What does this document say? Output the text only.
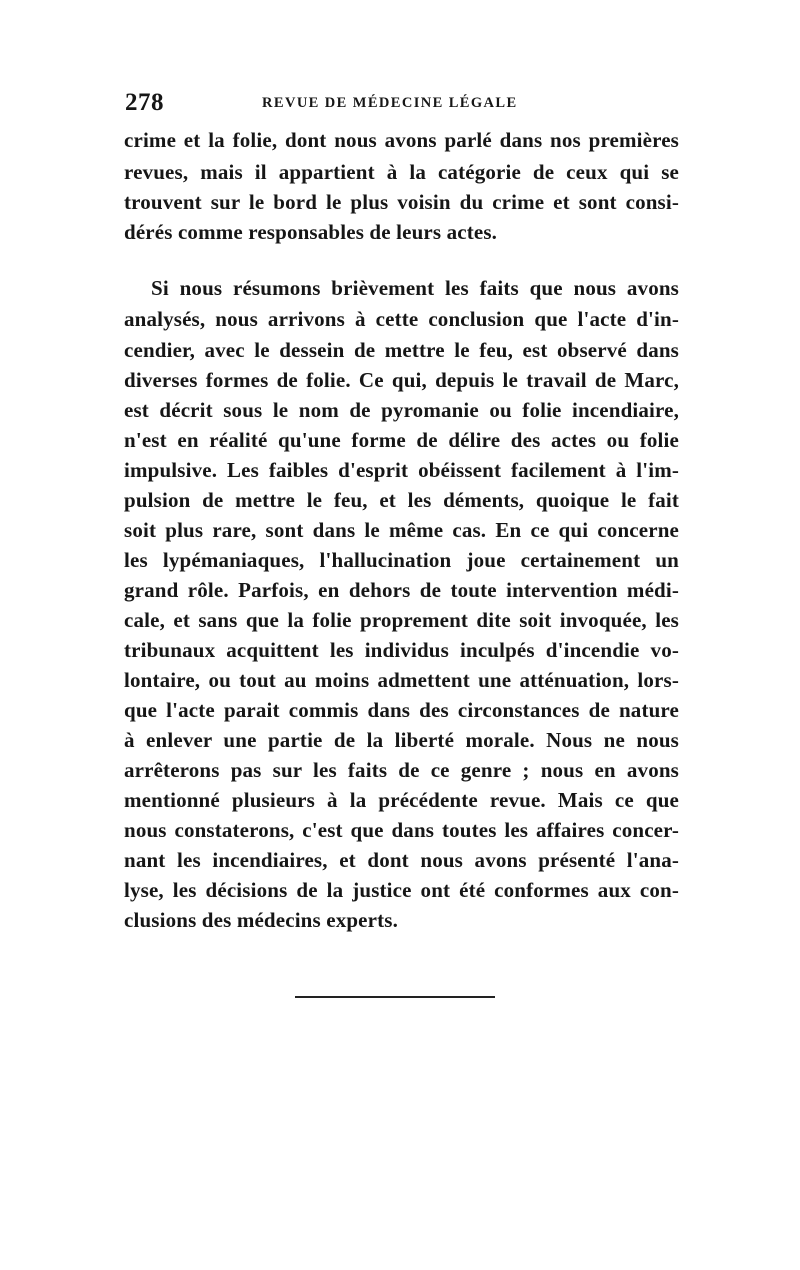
278	REVUE DE MÉDECINE LÉGALE
crime et la folie, dont nous avons parlé dans nos premières
revues, mais il appartient à la catégorie de ceux qui se
trouvent sur le bord le plus voisin du crime et sont consi-
dérés comme responsables de leurs actes.
Si nous résumons brièvement les faits que nous avons
analysés, nous arrivons à cette conclusion que l'acte d'in-
cendier, avec le dessein de mettre le feu, est observé dans
diverses formes de folie. Ce qui, depuis le travail de Marc,
est décrit sous le nom de pyromanie ou folie incendiaire,
n'est en réalité qu'une forme de délire des actes ou folie
impulsive. Les faibles d'esprit obéissent facilement à l'im-
pulsion de mettre le feu, et les déments, quoique le fait
soit plus rare, sont dans le même cas. En ce qui concerne
les lypémaniaques, l'hallucination joue certainement un
grand rôle. Parfois, en dehors de toute intervention médi-
cale, et sans que la folie proprement dite soit invoquée, les
tribunaux acquittent les individus inculpés d'incendie vo-
lontaire, ou tout au moins admettent une atténuation, lors-
que l'acte parait commis dans des circonstances de nature
à enlever une partie de la liberté morale. Nous ne nous
arrêterons pas sur les faits de ce genre ; nous en avons
mentionné plusieurs à la précédente revue. Mais ce que
nous constaterons, c'est que dans toutes les affaires concer-
nant les incendiaires, et dont nous avons présenté l'ana-
lyse, les décisions de la justice ont été conformes aux con-
clusions des médecins experts.
